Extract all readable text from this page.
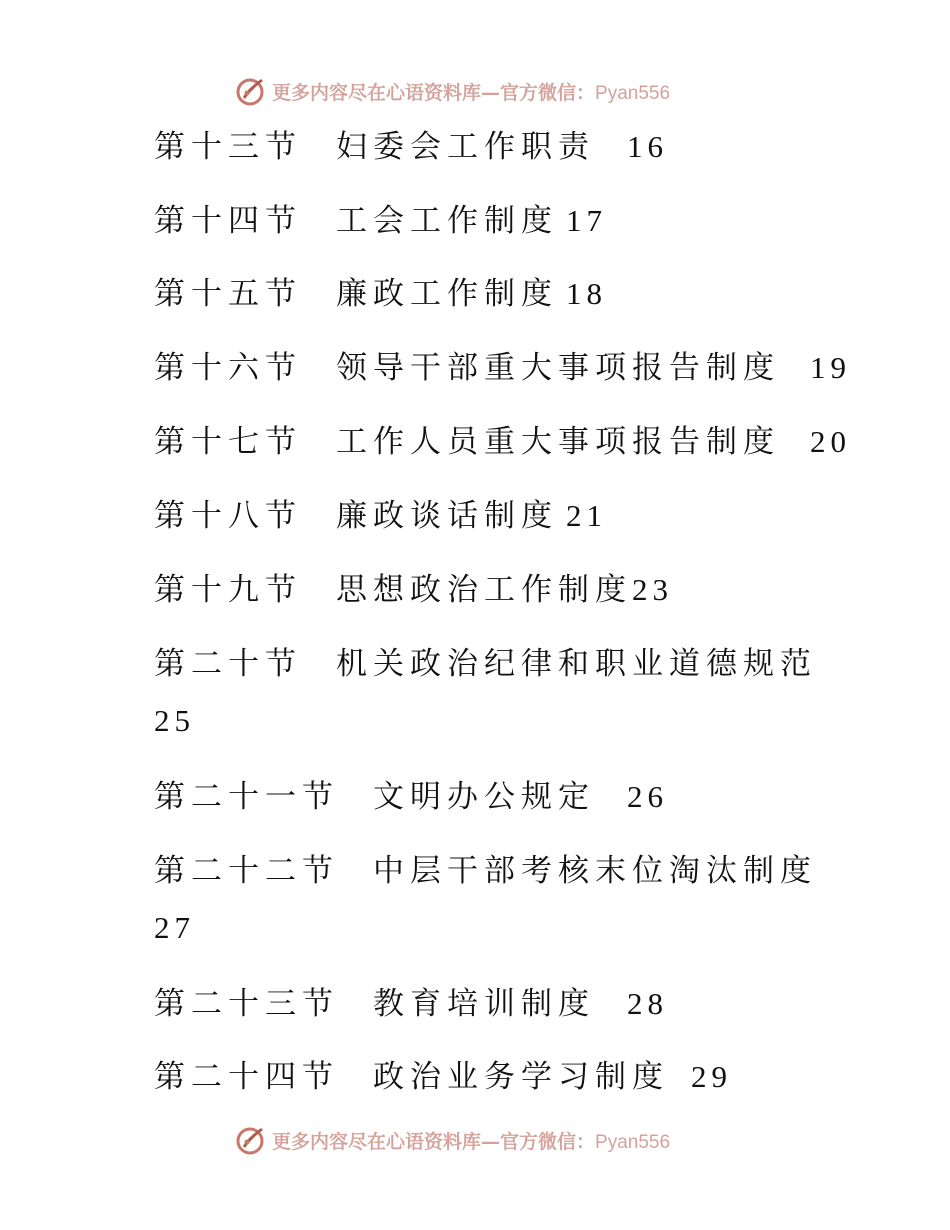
更多内容尽在心语资料库—官方微信：Pyan556
第十三节 妇委会工作职责 16
第十四节 工会工作制度 17
第十五节 廉政工作制度 18
第十六节 领导干部重大事项报告制度 19
第十七节 工作人员重大事项报告制度 20
第十八节 廉政谈话制度 21
第十九节 思想政治工作制度23
第二十节 机关政治纪律和职业道德规范
25
第二十一节 文明办公规定 26
第二十二节 中层干部考核末位淘汰制度
27
第二十三节 教育培训制度 28
第二十四节 政治业务学习制度 29
更多内容尽在心语资料库—官方微信：Pyan556
